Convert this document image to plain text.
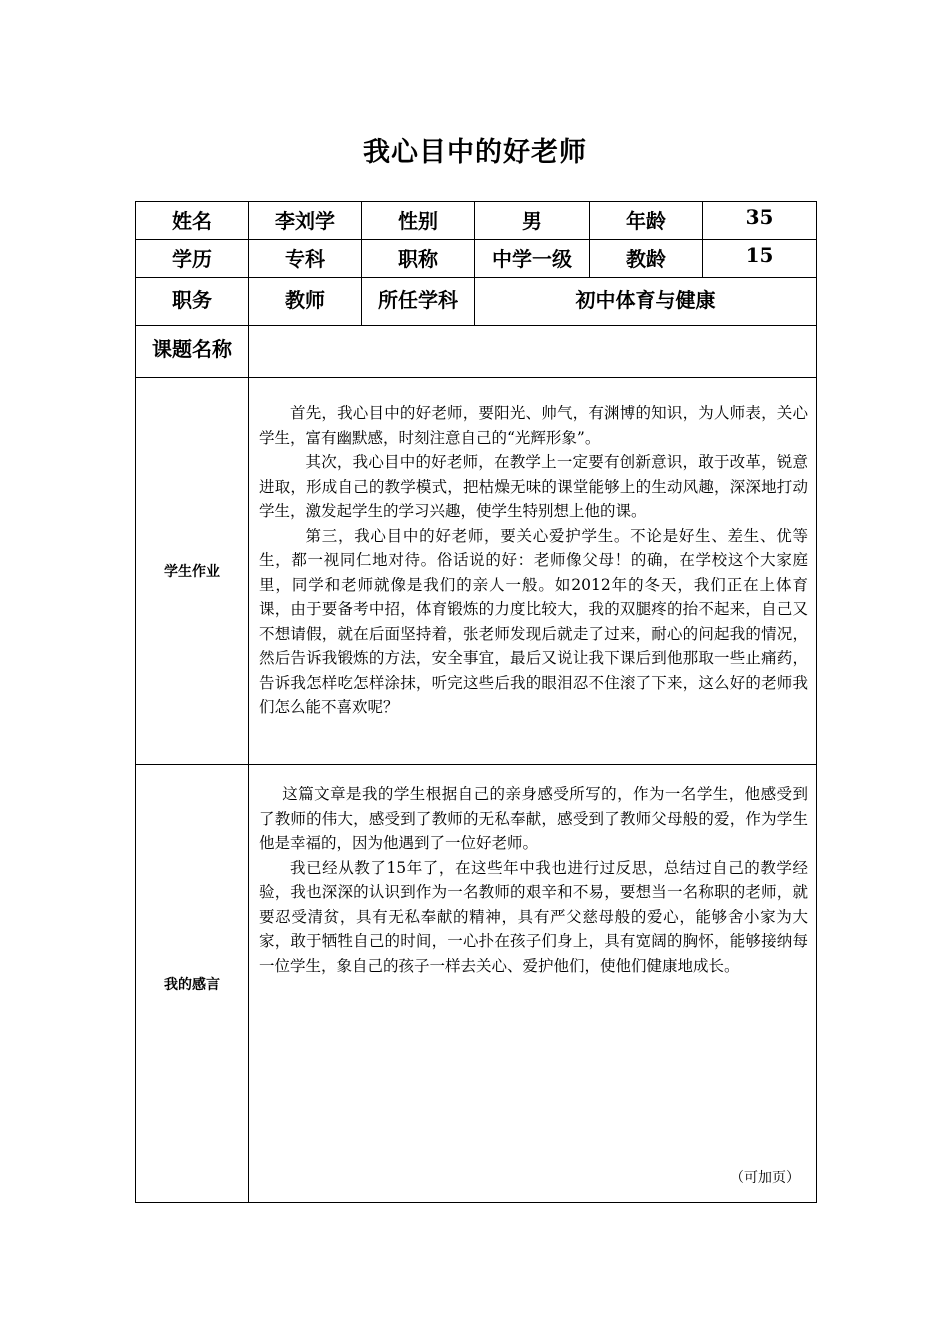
我心目中的好老师
姓名	李刘学	性别	男	年龄	35

学历	专科	职称	中学一级	教龄	15

职务	教师	所任学科	初中体育与健康		

课题名称					

学生作业	首先，我心目中的好老师，要阳光、帅气，有渊博的知识，为人师表，关心学生，富有幽默感，时刻注意自己的“光辉形象”。

其次，我心目中的好老师，在教学上一定要有创新意识，敢于改革，锐意进取，形成自己的教学模式，把枯燥无味的课堂能够上的生动风趣，深深地打动学生，激发起学生的学习兴趣，使学生特别想上他的课。

第三，我心目中的好老师，要关心爱护学生。不论是好生、差生、优等生，都一视同仁地对待。俗话说的好：老师像父母！的确，在学校这个大家庭里，同学和老师就像是我们的亲人一般。如2012年的冬天，我们正在上体育课，由于要备考中招，体育锻炼的力度比较大，我的双腿疼的抬不起来，自己又不想请假，就在后面坚持着，张老师发现后就走了过来，耐心的问起我的情况，然后告诉我锻炼的方法，安全事宜，最后又说让我下课后到他那取一些止痛药，告诉我怎样吃怎样涂抹，听完这些后我的眼泪忍不住滚了下来，这么好的老师我们怎么能不喜欢呢？				

我的感言	这篇文章是我的学生根据自己的亲身感受所写的，作为一名学生，他感受到了教师的伟大，感受到了教师的无私奉献，感受到了教师父母般的爱，作为学生他是幸福的，因为他遇到了一位好老师。

我已经从教了15年了，在这些年中我也进行过反思，总结过自己的教学经验，我也深深的认识到作为一名教师的艰辛和不易，要想当一名称职的老师，就要忍受清贫，具有无私奉献的精神，具有严父慈母般的爱心，能够舍小家为大家，敢于牺牲自己的时间，一心扑在孩子们身上，具有宽阔的胸怀，能够接纳每一位学生，象自己的孩子一样去关心、爱护他们，使他们健康地成长。

（可加页）				
